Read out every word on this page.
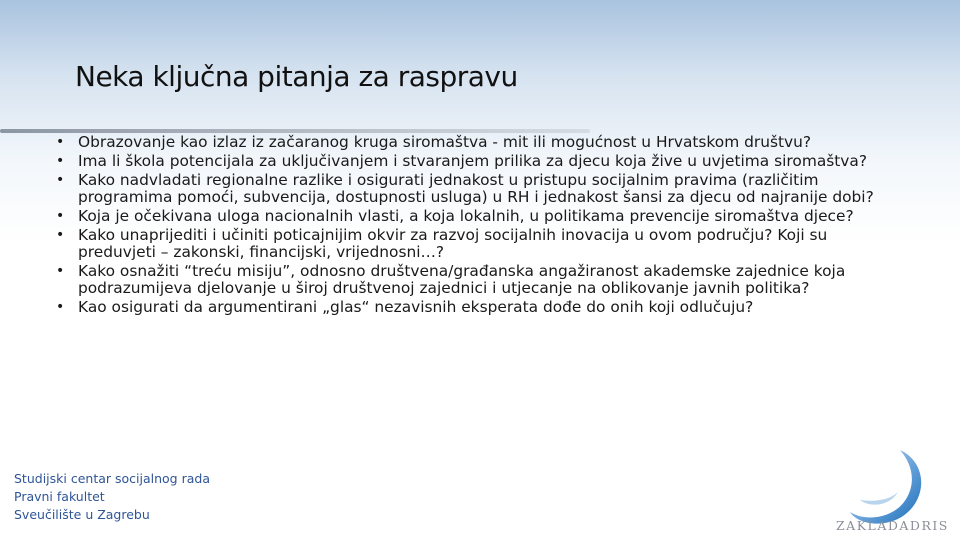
Neka ključna pitanja za raspravu
• Obrazovanje kao izlaz iz začaranog kruga siromaštva - mit ili mogućnost u Hrvatskom društvu?
• Ima li škola potencijala za uključivanjem i stvaranjem prilika za djecu koja žive u uvjetima siromaštva?
• Kako nadvladati regionalne razlike i osigurati jednakost u pristupu socijalnim pravima (različitim programima pomoći, subvencija, dostupnosti usluga) u RH i jednakost šansi za djecu od najranije dobi?
• Koja je očekivana uloga nacionalnih vlasti, a koja lokalnih, u politikama prevencije siromaštva djece?
• Kako unaprijediti i učiniti poticajnijim okvir za razvoj socijalnih inovacija u ovom području? Koji su preduvjeti – zakonski, financijski, vrijednosni…?
• Kako osnažiti “treću misiju”, odnosno društvena/građanska angažiranost akademske zajednice koja podrazumijeva djelovanje u široj društvenoj zajednici i utjecanje na oblikovanje javnih politika?
• Kao osigurati da argumentirani „glas“ nezavisnih eksperata dođe do onih koji odlučuju?
Studijski centar socijalnog rada
Pravni fakultet
Sveučilište u Zagrebu
ZAKLADADRIS
